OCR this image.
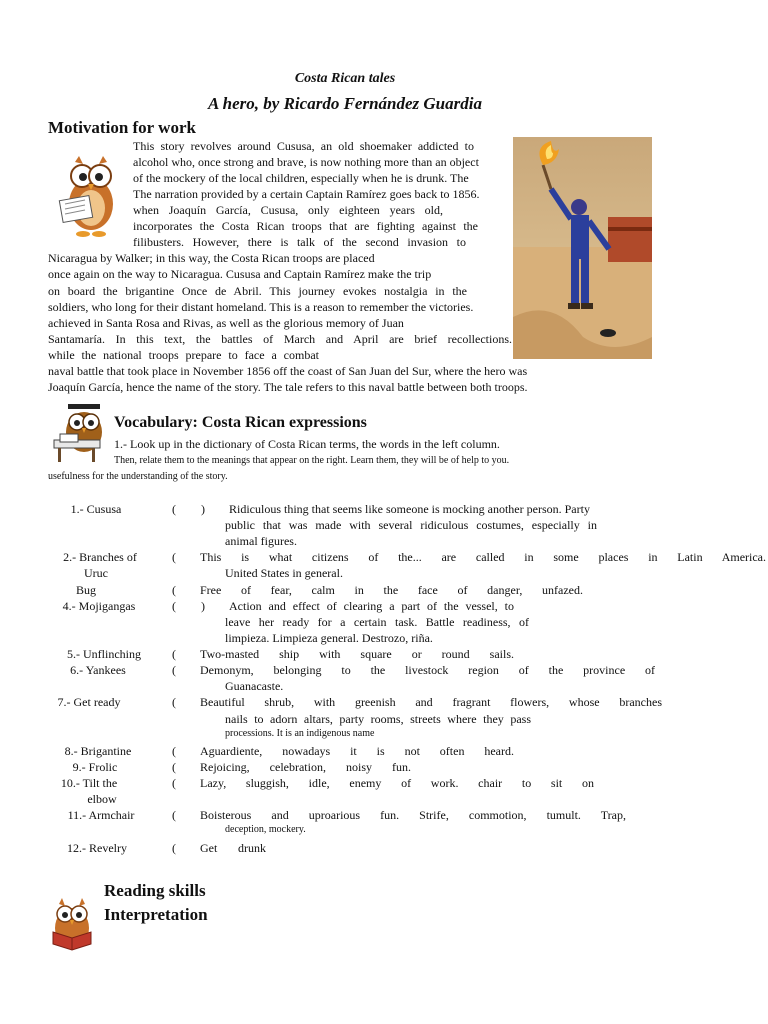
Costa Rican tales
A hero, by Ricardo Fernández Guardia
Motivation for work
This story revolves around Cususa, an old shoemaker addicted to
alcohol who, once strong and brave, is now nothing more than an object
of the mockery of the local children, especially when he is drunk. The
The narration provided by a certain Captain Ramírez goes back to 1856.
when Joaquín García, Cususa, only eighteen years old,
incorporates the Costa Rican troops that are fighting against the
filibusters. However, there is talk of the second invasion to
Nicaragua by Walker; in this way, the Costa Rican troops are placed
once again on the way to Nicaragua. Cususa and Captain Ramírez make the trip
on board the brigantine Once de Abril. This journey evokes nostalgia in the
soldiers, who long for their distant homeland. This is a reason to remember the victories.
achieved in Santa Rosa and Rivas, as well as the glorious memory of Juan
Santamaría. In this text, the battles of March and April are brief recollections.
while the national troops prepare to face a combat
naval battle that took place in November 1856 off the coast of San Juan del Sur, where the hero was
Joaquín García, hence the name of the story. The tale refers to this naval battle between both troops.
Vocabulary: Costa Rican expressions
1.- Look up in the dictionary of Costa Rican terms, the words in the left column.
Then, relate them to the meanings that appear on the right. Learn them, they will be of help to you.
usefulness for the understanding of the story.
1.- Cususa
2.- Branches of
Uruc
Bug
4.- Mojigangas
5.- Unflinching
6.- Yankees
7.- Get ready
8.- Brigantine
9.- Frolic
10.- Tilt the
elbow
11.- Armchair
12.- Revelry
( )
(
(
( )
(
(
(
(
(
(
(
(
Ridiculous thing that seems like someone is mocking another person. Party
public that was made with several ridiculous costumes, especially in
animal figures.
This is what citizens of the... are called in some places in Latin America.
United States in general.
Free of fear, calm in the face of danger, unfazed.
Action and effect of clearing a part of the vessel, to
leave her ready for a certain task. Battle readiness, of
limpieza. Limpieza general. Destrozo, riña.
Two-masted ship with square or round sails.
Demonym, belonging to the livestock region of the province of
Guanacaste.
Beautiful shrub, with greenish and fragrant flowers, whose branches
nails to adorn altars, party rooms, streets where they pass
processions. It is an indigenous name
Aguardiente, nowadays it is not often heard.
Rejoicing, celebration, noisy fun.
Lazy, sluggish, idle, enemy of work. chair to sit on
Boisterous and uproarious fun. Strife, commotion, tumult. Trap,
deception, mockery.
Get drunk
Reading skills
Interpretation
